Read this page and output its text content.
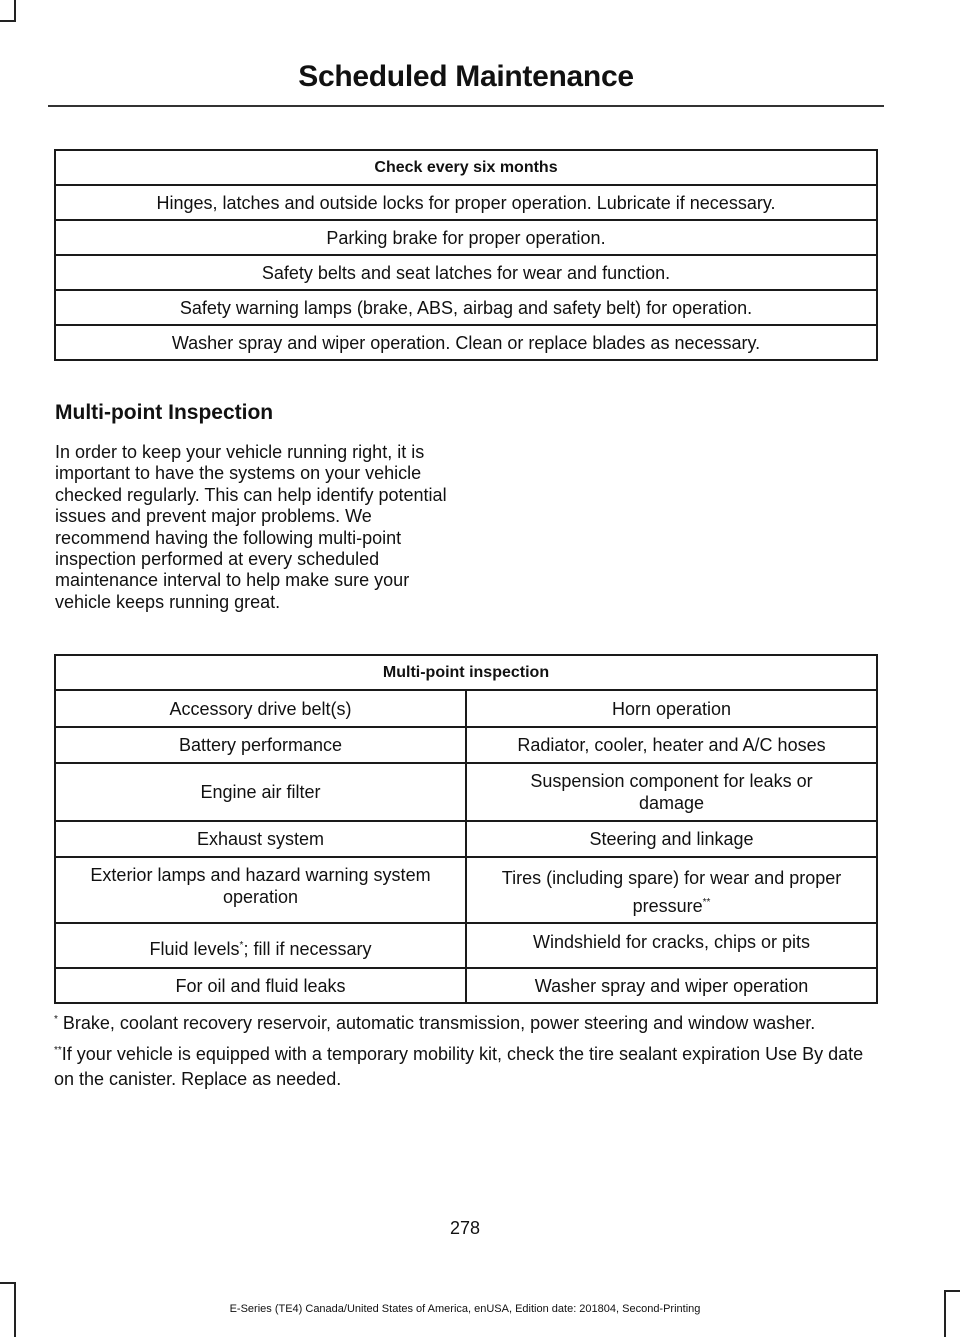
Scheduled Maintenance
Check every six months
Hinges, latches and outside locks for proper operation. Lubricate if necessary.
Parking brake for proper operation.
Safety belts and seat latches for wear and function.
Safety warning lamps (brake, ABS, airbag and safety belt) for operation.
Washer spray and wiper operation. Clean or replace blades as necessary.
Multi-point Inspection
In order to keep your vehicle running right, it is important to have the systems on your vehicle checked regularly. This can help identify potential issues and prevent major problems. We recommend having the following multi-point inspection performed at every scheduled maintenance interval to help make sure your vehicle keeps running great.
Multi-point inspection	
Accessory drive belt(s)	Horn operation
Battery performance	Radiator, cooler, heater and A/C hoses
Engine air filter	Suspension component for leaks or damage
Exhaust system	Steering and linkage
Exterior lamps and hazard warning system operation	Tires (including spare) for wear and proper pressure**
Fluid levels*; fill if necessary	Windshield for cracks, chips or pits
For oil and fluid leaks	Washer spray and wiper operation

* Brake, coolant recovery reservoir, automatic transmission, power steering and window washer.

**If your vehicle is equipped with a temporary mobility kit, check the tire sealant expiration Use By date on the canister. Replace as needed.

278
E-Series (TE4) Canada/United States of America, enUSA, Edition date: 201804, Second-Printing
